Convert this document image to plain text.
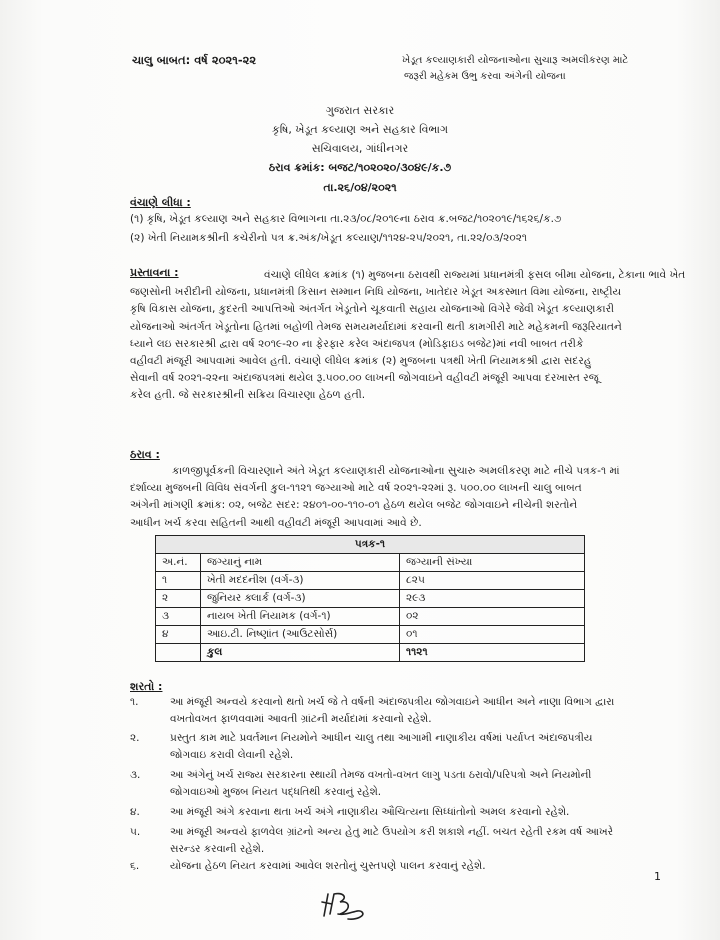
ચાલુ બાબત: વર્ષ ૨૦૨૧-૨૨	ખેડૂત કલ્યાણકારી યોજનાઓના સુચારૂ અમલીકરણ માટે
જરૂરી મહેકમ ઉભુ કરવા અંગેની યોજના
ગુજરાત સરકાર
કૃષિ, ખેડૂત કલ્યાણ અને સહકાર વિભાગ
સચિવાલય, ગાંધીનગર
ઠરાવ ક્રમાંક: બજટ/૧૦૨૦૨૦/૩૦૪૯/ક.૭
તા.૨૬/૦૪/૨૦૨૧
વંચાણે લીધા :
(૧) કૃષિ, ખેડૂત કલ્યાણ અને સહકાર વિભાગના તા.૨૩/૦૮/૨૦૧૯ના ઠરાવ ક્ર.બજટ/૧૦૨૦૧૯/૧૬૨૬/ક.૭
(૨) ખેતી નિયામકશ્રીની કચેરીનો પત્ર ક્ર.અંક/ખેડૂત કલ્યાણ/૧૧૨૪-૨૫/૨૦૨૧, તા.૨૨/૦૩/૨૦૨૧
પ્રસ્તાવના :	વંચાણે લીધેલ ક્રમાંક (૧) મુજબના ઠરાવથી રાજ્યમાં પ્રધાનમંત્રી ફસલ બીમા યોજના, ટેકાના ભાવે ખેત
જણસોની ખરીદીની યોજના, પ્રધાનમંત્રી કિસાન સમ્માન નિધિ યોજના, ખાતેદાર ખેડૂત અકસ્માત વિમા યોજના, રાષ્ટ્રીય
કૃષિ વિકાસ યોજના, કુદરતી આપત્તિઓ અંતર્ગત ખેડૂતોને ચૂકવાતી સહાય યોજનાઓ વિગેરે જેવી ખેડૂત કલ્યાણકારી
યોજનાઓ અંતર્ગત ખેડૂતોના હિતમાં બહોળી તેમજ સમયમર્યાદામાં કરવાની થતી કામગીરી માટે મહેકમની જરૂરિયાતને
ધ્યાને લઇ સરકારશ્રી દ્વારા વર્ષ ૨૦૧૯-૨૦ ના ફેરફાર કરેલ અંદાજપત્ર (મોડિફાઇડ બજેટ)માં નવી બાબત તરીકે
વહીવટી મંજૂરી આપવામાં આવેલ હતી. વંચાણે લીધેલ ક્રમાંક (૨) મુજબના પત્રથી ખેતી નિયામકશ્રી દ્વારા સદરહુ
સેવાની વર્ષ ૨૦૨૧-૨૨ના અંદાજપત્રમાં થયેલ રૂ.૫૦૦.૦૦ લાખની જોગવાઇને વહીવટી મંજૂરી આપવા દરખાસ્ત રજૂ
કરેલ હતી. જે સરકારશ્રીની સક્રિય વિચારણા હેઠળ હતી.
ઠરાવ :
કાળજીપૂર્વકની વિચારણાને અંતે ખેડૂત કલ્યાણકારી યોજનાઓના સુચારુ અમલીકરણ માટે નીચે પત્રક-૧ માં
દર્શાવ્યા મુજબની વિવિધ સંવર્ગની કુલ-૧૧૨૧ જગ્યાઓ માટે વર્ષ ૨૦૨૧-૨૨માં રૂ. ૫૦૦.૦૦ લાખની ચાલુ બાબત
અંગેની માંગણી ક્રમાંક: ૦૨, બજેટ સદર: ૨૪૦૧-૦૦-૧૧૦-૦૧ હેઠળ થયેલ બજેટ જોગવાઇને નીચેની શરતોને
આધીન ખર્ચ કરવા સહિતની આથી વહીવટી મંજૂરી આપવામાં આવે છે.
પત્રક-૧		
અ.નં.	જગ્યાનું નામ	જગ્યાની સંખ્યા
૧	ખેતી મદદનીશ (વર્ગ-૩)	૮૨૫
૨	જુનિયર ક્લાર્ક (વર્ગ-૩)	૨૯૩
૩	નાયબ ખેતી નિયામક (વર્ગ-૧)	૦૨
૪	આઇ.ટી. નિષ્ણાંત (આઉટસોર્સ)	૦૧
	કુલ	૧૧૨૧
શરતો :
૧.	આ મંજૂરી અન્વયે કરવાનો થતો ખર્ચ જે તે વર્ષની અંદાજપત્રીય જોગવાઇને આધીન અને નાણા વિભાગ દ્વારા
વખતોવખત ફાળવવામાં આવતી ગ્રાંટની મર્યાદામાં કરવાનો રહેશે.
૨.	પ્રસ્તુત કામ માટે પ્રવર્તમાન નિયમોને આધીન ચાલુ તથા આગામી નાણાકીય વર્ષમાં પર્યાપ્ત અંદાજપત્રીય
જોગવાઇ કરાવી લેવાની રહેશે.
૩.	આ અંગેનું ખર્ચ રાજ્ય સરકારના સ્થાયી તેમજ વખતો-વખત લાગુ પડતા ઠરાવો/પરિપત્રો અને નિયમોની
જોગવાઇઓ મુજબ નિયત પદ્ધતિથી કરવાનું રહેશે.
૪.	આ મંજૂરી અંગે કરવાના થતા ખર્ચ અંગે નાણાકીય ઔચિત્યના સિધ્ધાંતોનો અમલ કરવાનો રહેશે.
૫.	આ મંજૂરી અન્વયે ફાળવેલ ગ્રાંટનો અન્ય હેતુ માટે ઉપયોગ કરી શકાશે નહીં. બચત રહેતી રકમ વર્ષ આખરે
સરન્ડર કરવાની રહેશે.
૬.	યોજના હેઠળ નિયત કરવામાં આવેલ શરતોનું ચુસ્તપણે પાલન કરવાનું રહેશે.
1
